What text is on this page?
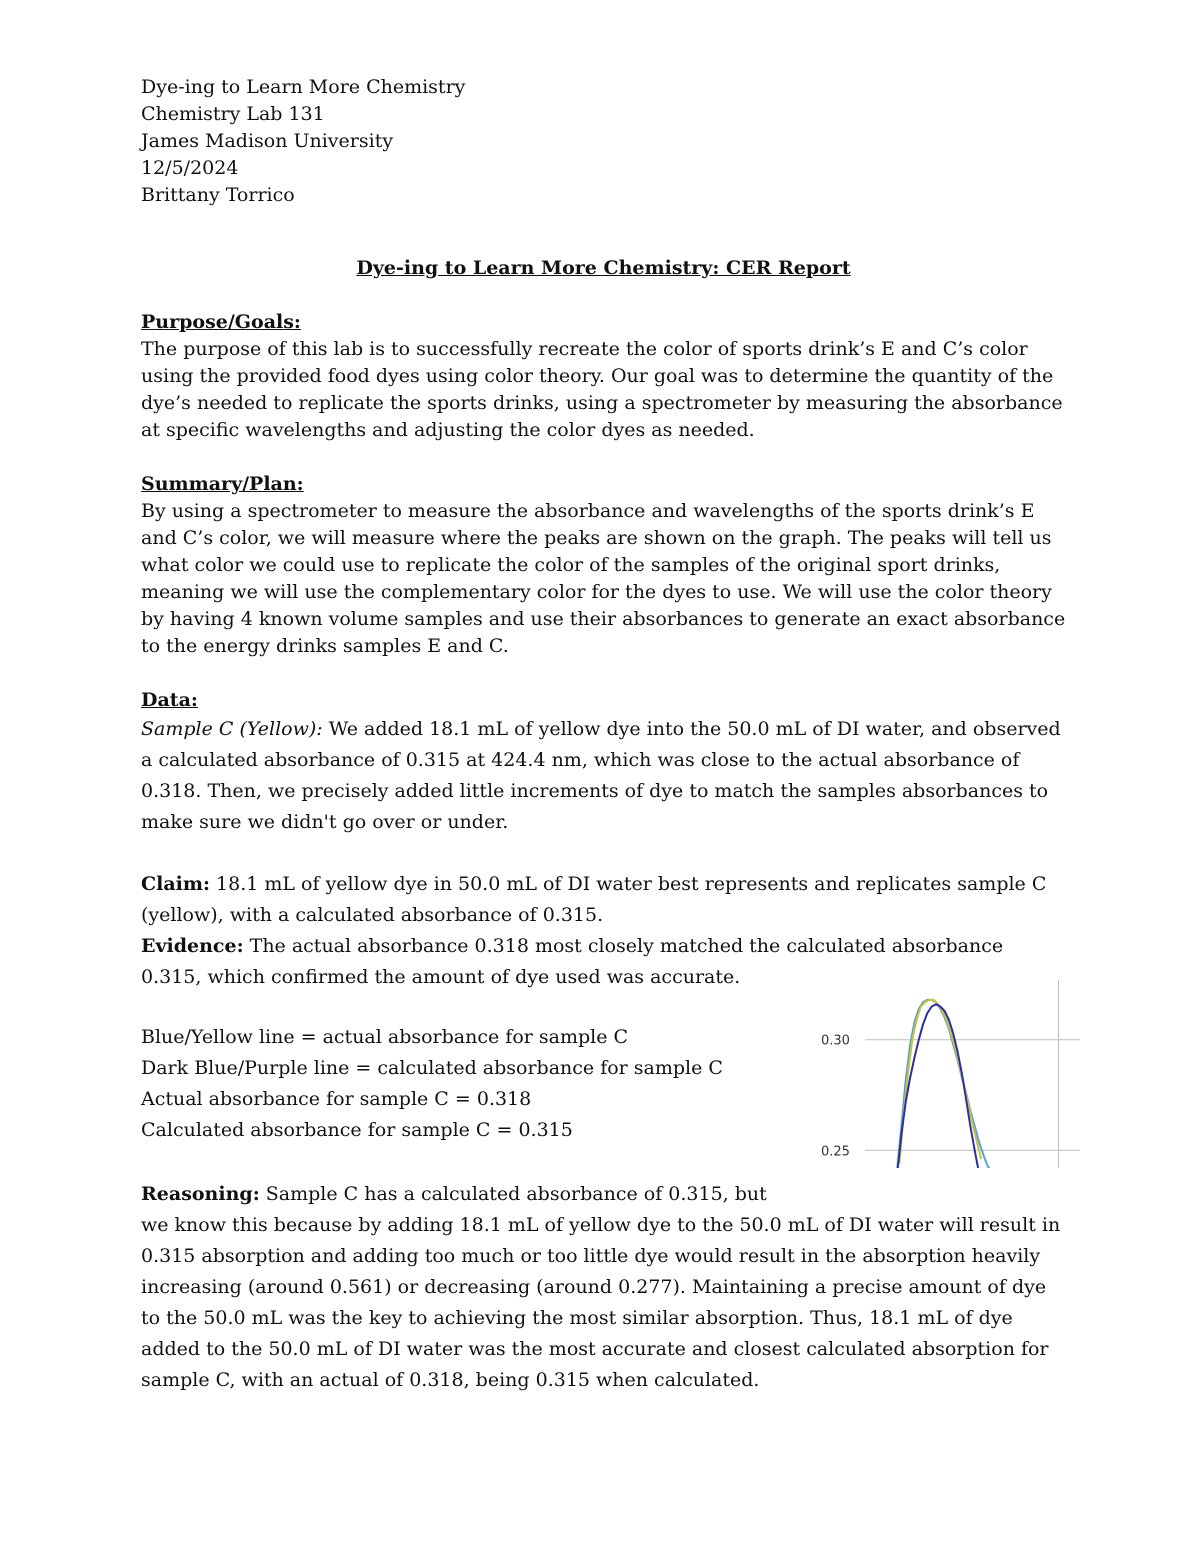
Dye-ing to Learn More Chemistry
Chemistry Lab 131
James Madison University
12/5/2024
Brittany Torrico
Dye-ing to Learn More Chemistry: CER Report
Purpose/Goals:

The purpose of this lab is to successfully recreate the color of sports drink’s E and C’s color using the provided food dyes using color theory. Our goal was to determine the quantity of the dye’s needed to replicate the sports drinks, using a spectrometer by measuring the absorbance at specific wavelengths and adjusting the color dyes as needed.

Summary/Plan:

By using a spectrometer to measure the absorbance and wavelengths of the sports drink’s E and C’s color, we will measure where the peaks are shown on the graph. The peaks will tell us what color we could use to replicate the color of the samples of the original sport drinks, meaning we will use the complementary color for the dyes to use. We will use the color theory by having 4 known volume samples and use their absorbances to generate an exact absorbance to the energy drinks samples E and C.

Data:

Sample C (Yellow): We added 18.1 mL of yellow dye into the 50.0 mL of DI water, and observed a calculated absorbance of 0.315 at 424.4 nm, which was close to the actual absorbance of 0.318. Then, we precisely added little increments of dye to match the samples absorbances to make sure we didn't go over or under.

Claim: 18.1 mL of yellow dye in 50.0 mL of DI water best represents and replicates sample C (yellow), with a calculated absorbance of 0.315.

Evidence: The actual absorbance 0.318 most closely matched the calculated absorbance 0.315, which confirmed the amount of dye used was accurate.

Blue/Yellow line = actual absorbance for sample C
Dark Blue/Purple line = calculated absorbance for sample C
Actual absorbance for sample C = 0.318
Calculated absorbance for sample C = 0.315

Reasoning: Sample C has a calculated absorbance of 0.315, but

we know this because by adding 18.1 mL of yellow dye to the 50.0 mL of DI water will result in 0.315 absorption and adding too much or too little dye would result in the absorption heavily increasing (around 0.561) or decreasing (around 0.277). Maintaining a precise amount of dye to the 50.0 mL was the key to achieving the most similar absorption. Thus, 18.1 mL of dye added to the 50.0 mL of DI water was the most accurate and closest calculated absorption for sample C, with an actual of 0.318, being 0.315 when calculated.

0.30
0.25
